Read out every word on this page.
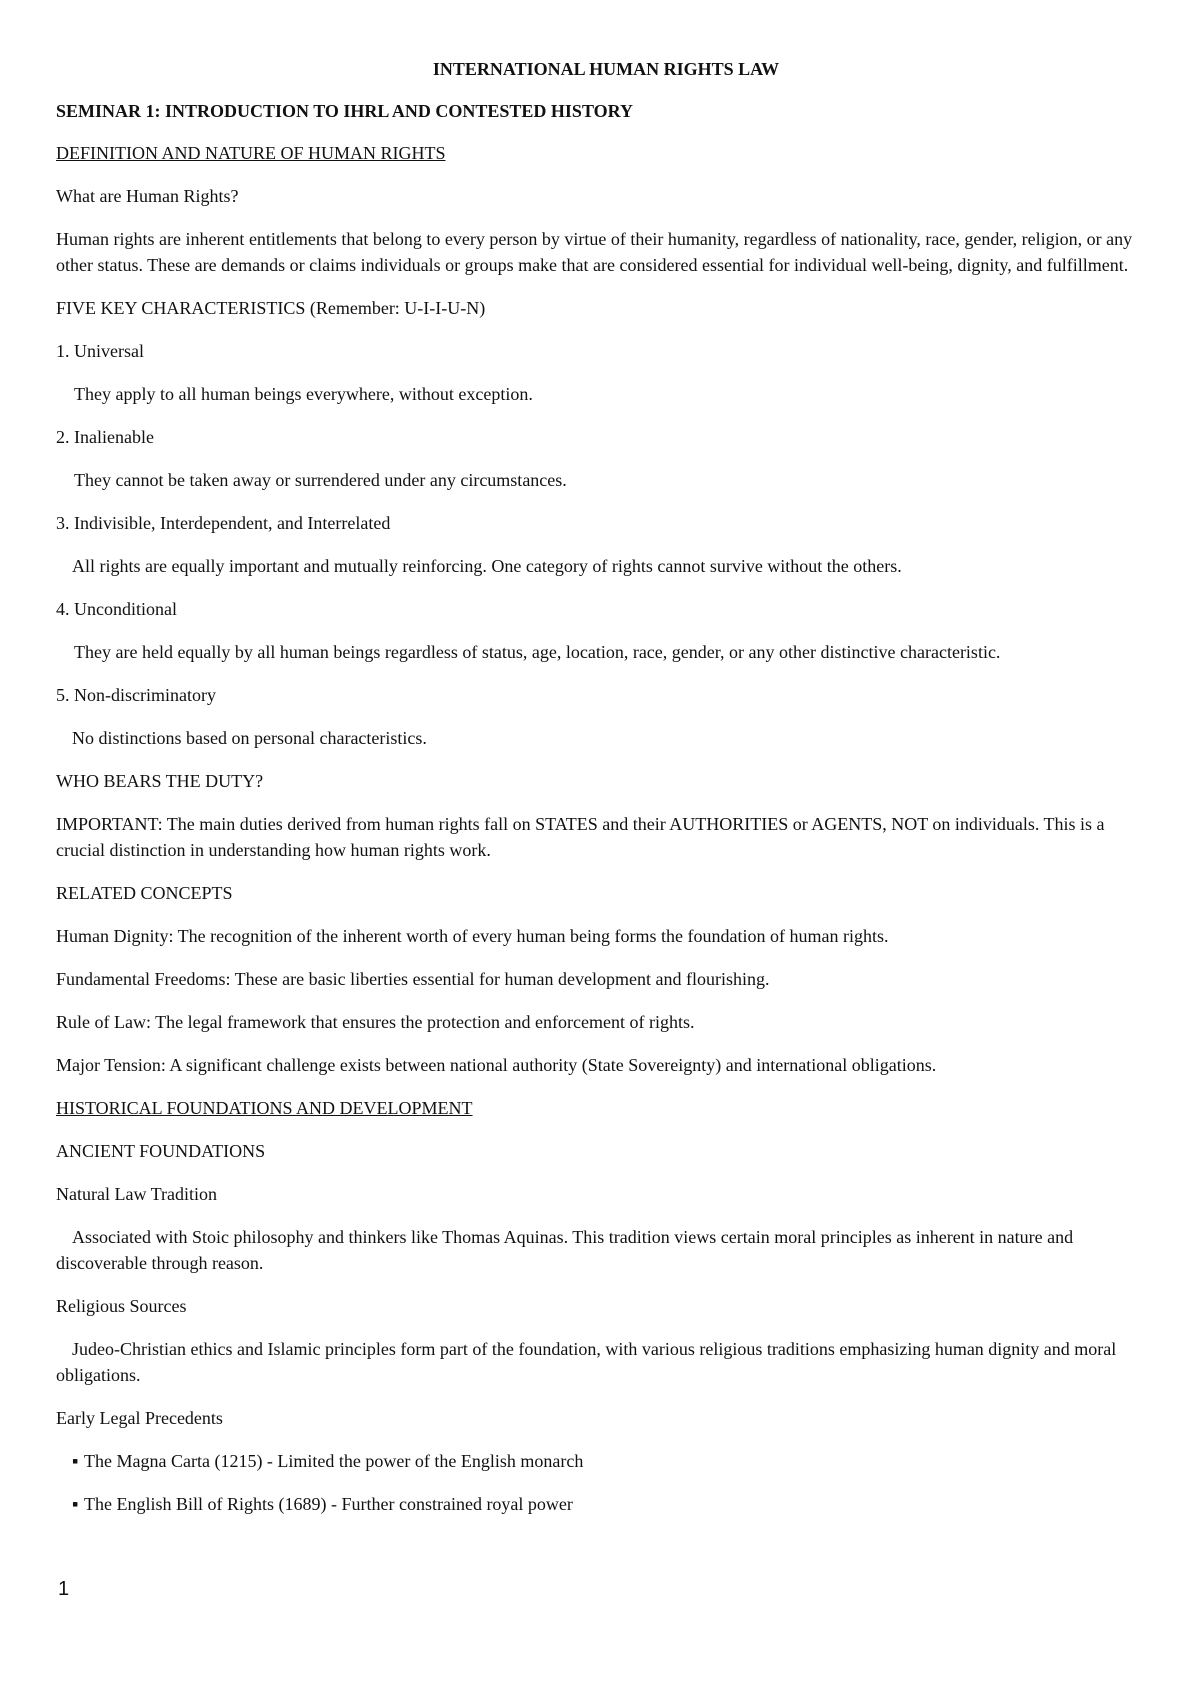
INTERNATIONAL HUMAN RIGHTS LAW

SEMINAR 1: INTRODUCTION TO IHRL AND CONTESTED HISTORY

DEFINITION AND NATURE OF HUMAN RIGHTS

What are Human Rights?

Human rights are inherent entitlements that belong to every person by virtue of their humanity, regardless of nationality, race, gender, religion, or any other status. These are demands or claims individuals or groups make that are considered essential for individual well-being, dignity, and fulfillment.

FIVE KEY CHARACTERISTICS (Remember: U-I-I-U-N)

1. Universal

They apply to all human beings everywhere, without exception.

2. Inalienable

They cannot be taken away or surrendered under any circumstances.

3. Indivisible, Interdependent, and Interrelated

All rights are equally important and mutually reinforcing. One category of rights cannot survive without the others.

4. Unconditional

They are held equally by all human beings regardless of status, age, location, race, gender, or any other distinctive characteristic.

5. Non-discriminatory

No distinctions based on personal characteristics.

WHO BEARS THE DUTY?

IMPORTANT: The main duties derived from human rights fall on STATES and their AUTHORITIES or AGENTS, NOT on individuals. This is a crucial distinction in understanding how human rights work.

RELATED CONCEPTS

Human Dignity: The recognition of the inherent worth of every human being forms the foundation of human rights.

Fundamental Freedoms: These are basic liberties essential for human development and flourishing.

Rule of Law: The legal framework that ensures the protection and enforcement of rights.

Major Tension: A significant challenge exists between national authority (State Sovereignty) and international obligations.

HISTORICAL FOUNDATIONS AND DEVELOPMENT

ANCIENT FOUNDATIONS

Natural Law Tradition

Associated with Stoic philosophy and thinkers like Thomas Aquinas. This tradition views certain moral principles as inherent in nature and discoverable through reason.

Religious Sources

Judeo-Christian ethics and Islamic principles form part of the foundation, with various religious traditions emphasizing human dignity and moral obligations.

Early Legal Precedents

▪ The Magna Carta (1215) - Limited the power of the English monarch

▪ The English Bill of Rights (1689) - Further constrained royal power

1
